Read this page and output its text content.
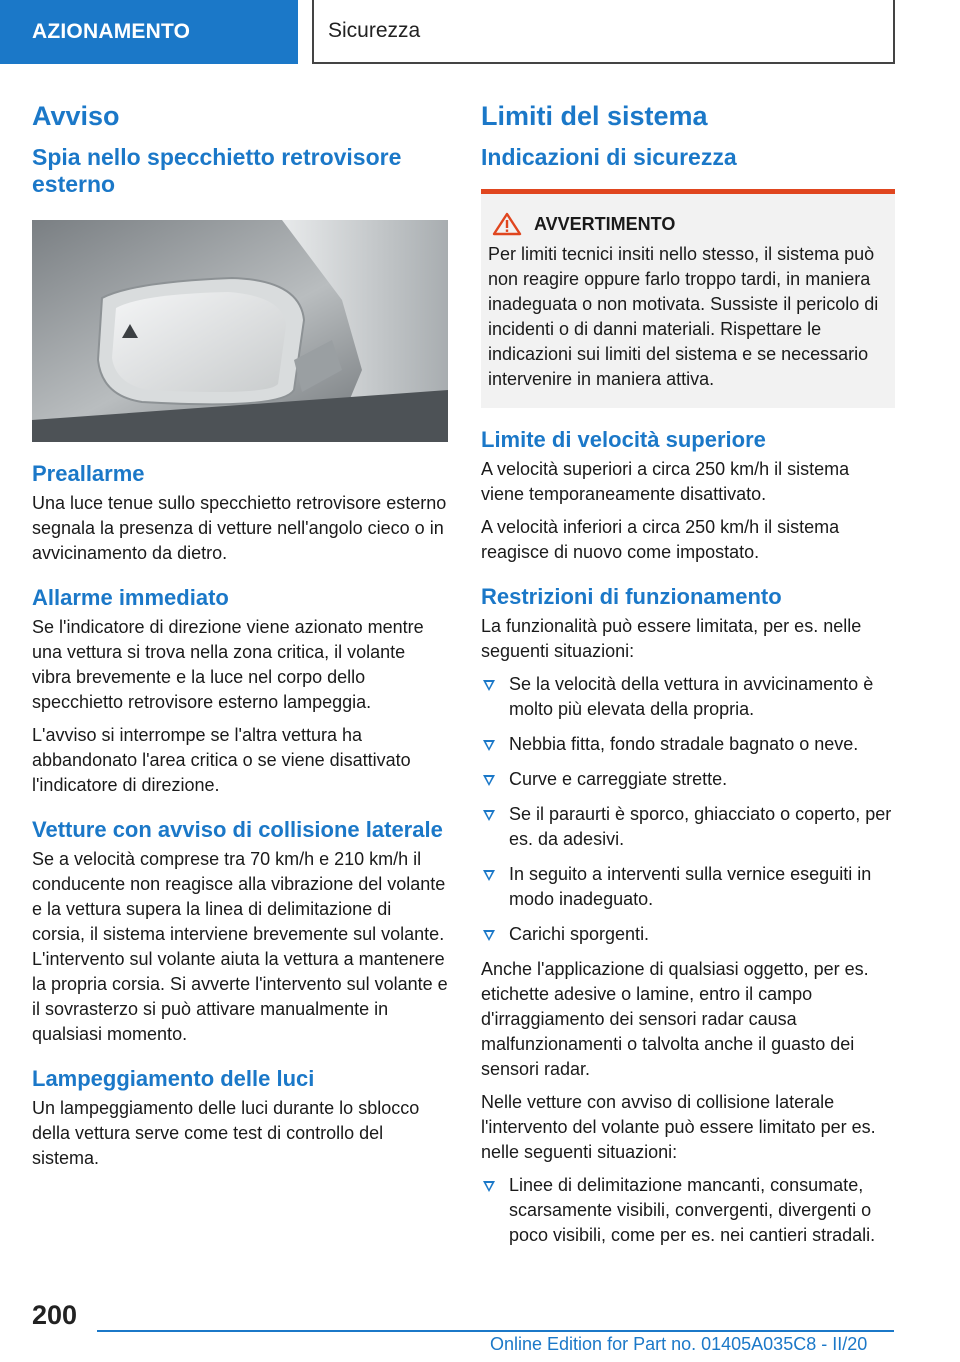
AZIONAMENTO	Sicurezza
Avviso
Spia nello specchietto retrovisore esterno
Preallarme

Una luce tenue sullo specchietto retrovisore esterno segnala la presenza di vetture nell'angolo cieco o in avvicinamento da dietro.

Allarme immediato

Se l'indicatore di direzione viene azionato mentre una vettura si trova nella zona critica, il volante vibra brevemente e la luce nel corpo dello specchietto retrovisore esterno lampeggia.

L'avviso si interrompe se l'altra vettura ha abbandonato l'area critica o se viene disattivato l'indicatore di direzione.

Vetture con avviso di collisione laterale

Se a velocità comprese tra 70 km/h e 210 km/h il conducente non reagisce alla vibrazione del volante e la vettura supera la linea di delimitazione di corsia, il sistema interviene brevemente sul volante. L'intervento sul volante aiuta la vettura a mantenere la propria corsia. Si avverte l'intervento sul volante e il sovrasterzo si può attivare manualmente in qualsiasi momento.

Lampeggiamento delle luci

Un lampeggiamento delle luci durante lo sblocco della vettura serve come test di controllo del sistema.

Limiti del sistema
Indicazioni di sicurezza
AVVERTIMENTO

Per limiti tecnici insiti nello stesso, il sistema può non reagire oppure farlo troppo tardi, in maniera inadeguata o non motivata. Sussiste il pericolo di incidenti o di danni materiali. Rispettare le indicazioni sui limiti del sistema e se necessario intervenire in maniera attiva.

Limite di velocità superiore

A velocità superiori a circa 250 km/h il sistema viene temporaneamente disattivato.

A velocità inferiori a circa 250 km/h il sistema reagisce di nuovo come impostato.

Restrizioni di funzionamento

La funzionalità può essere limitata, per es. nelle seguenti situazioni:

Se la velocità della vettura in avvicinamento è molto più elevata della propria.
Nebbia fitta, fondo stradale bagnato o neve.
Curve e carreggiate strette.
Se il paraurti è sporco, ghiacciato o coperto, per es. da adesivi.
In seguito a interventi sulla vernice eseguiti in modo inadeguato.
Carichi sporgenti.

Anche l'applicazione di qualsiasi oggetto, per es. etichette adesive o lamine, entro il campo d'irraggiamento dei sensori radar causa malfunzionamenti o talvolta anche il guasto dei sensori radar.

Nelle vetture con avviso di collisione laterale l'intervento del volante può essere limitato per es. nelle seguenti situazioni:

Linee di delimitazione mancanti, consumate, scarsamente visibili, convergenti, divergenti o poco visibili, come per es. nei cantieri stradali.
200
Online Edition for Part no. 01405A035C8 - II/20
